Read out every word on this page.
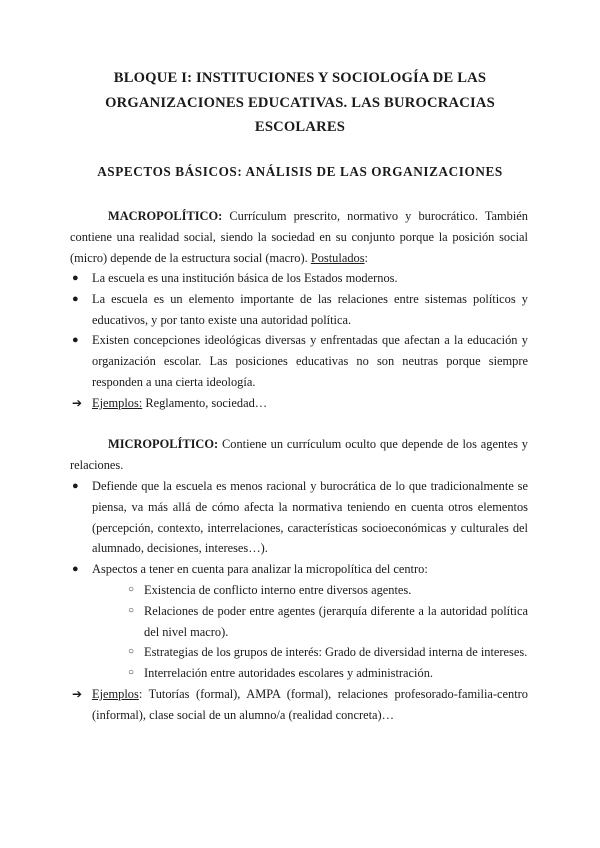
BLOQUE I: INSTITUCIONES Y SOCIOLOGÍA DE LAS
ORGANIZACIONES EDUCATIVAS. LAS BUROCRACIAS
ESCOLARES
ASPECTOS BÁSICOS: ANÁLISIS DE LAS ORGANIZACIONES

MACROPOLÍTICO: Currículum prescrito, normativo y burocrático. También contiene una realidad social, siendo la sociedad en su conjunto porque la posición social (micro) depende de la estructura social (macro). Postulados:

● La escuela es una institución básica de los Estados modernos.
● La escuela es un elemento importante de las relaciones entre sistemas políticos y educativos, y por tanto existe una autoridad política.
● Existen concepciones ideológicas diversas y enfrentadas que afectan a la educación y organización escolar. Las posiciones educativas no son neutras porque siempre responden a una cierta ideología.
➔ Ejemplos: Reglamento, sociedad…

MICROPOLÍTICO: Contiene un currículum oculto que depende de los agentes y relaciones.

● Defiende que la escuela es menos racional y burocrática de lo que tradicionalmente se piensa, va más allá de cómo afecta la normativa teniendo en cuenta otros elementos (percepción, contexto, interrelaciones, características socioeconómicas y culturales del alumnado, decisiones, intereses…).
● Aspectos a tener en cuenta para analizar la micropolítica del centro:
○ Existencia de conflicto interno entre diversos agentes.
○ Relaciones de poder entre agentes (jerarquía diferente a la autoridad política del nivel macro).
○ Estrategias de los grupos de interés: Grado de diversidad interna de intereses.
○ Interrelación entre autoridades escolares y administración.
➔ Ejemplos: Tutorías (formal), AMPA (formal), relaciones profesorado-familia-centro (informal), clase social de un alumno/a (realidad concreta)…
